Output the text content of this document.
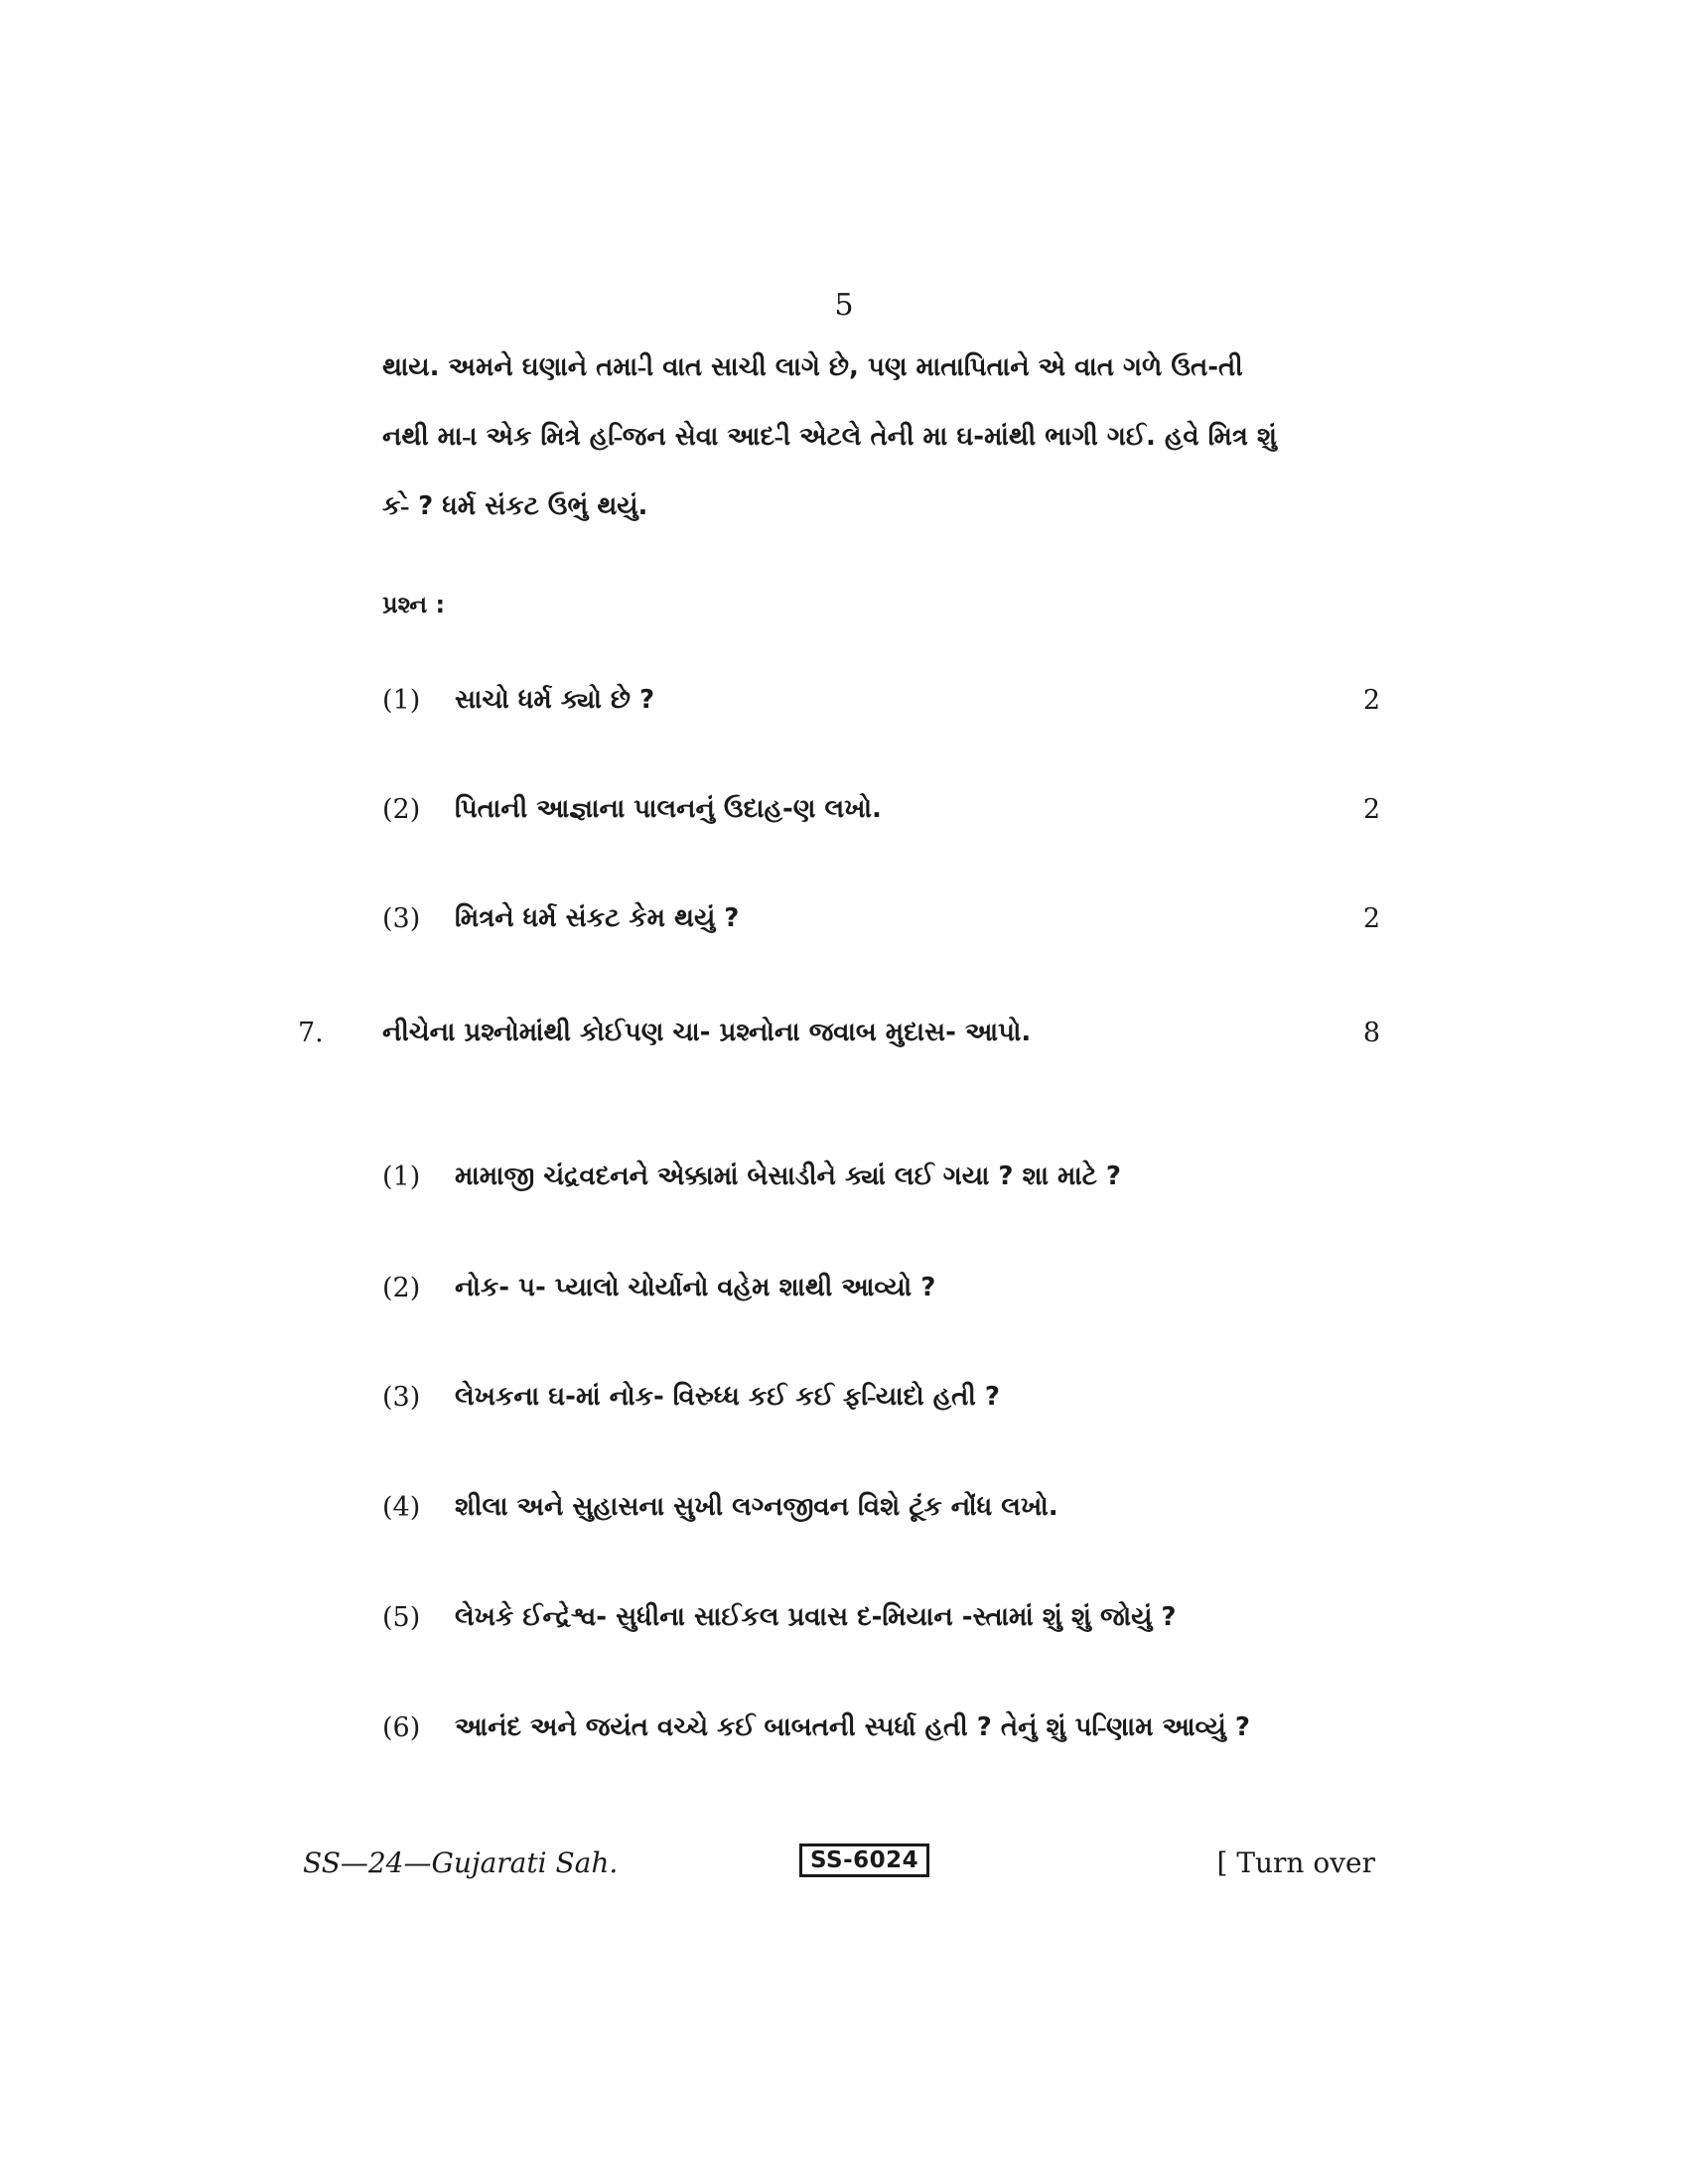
5
થાય. અમને ઘણાને તમા-ી વાત સાચી લાગે છે, પણ માતાપિતાને એ વાત ગળે ઉત-તી
નથી મા-ા એક મિત્રે હ-િજન સેવા આદ-ી એટલે તેની મા ઘ-માંથી ભાગી ગઈ. હવે મિત્ર શું
ક-ે ? ધર્મ સંકટ ઉભું થયું.
પ્રશ્ન :
(1) સાચો ધર્મ ક્યો છે ?	2
(2) પિતાની આજ્ઞાના પાલનનું ઉદાહ-ણ લખો.	2
(3) મિત્રને ધર્મ સંકટ કેમ થયું ?	2
7. નીચેના પ્રશ્નોમાંથી કોઈપણ ચા- પ્રશ્નોના જવાબ મુદાસ- આપો.	8
(1) મામાજી ચંદ્રવદનને એક્કામાં બેસાડીને ક્યાં લઈ ગયા ? શા માટે ?
(2) નોક- પ- પ્યાલો ચોર્યાનો વહેમ શાથી આવ્યો ?
(3) લેખકના ઘ-માં નોક- વિરુધ્ધ કઈ કઈ ફ-િયાદો હતી ?
(4) શીલા અને સુહાસના સુખી લગ્નજીવન વિશે ટૂંક નોંધ લખો.
(5) લેખકે ઈન્દ્રેશ્વ- સુધીના સાઈકલ પ્રવાસ દ-મિયાન -સ્તામાં શું શું જોયું ?
(6) આનંદ અને જયંત વચ્ચે કઈ બાબતની સ્પર્ધા હતી ? તેનું શું પ-િણામ આવ્યું ?
SS—24—Gujarati Sah.	SS-6024	[ Turn over
